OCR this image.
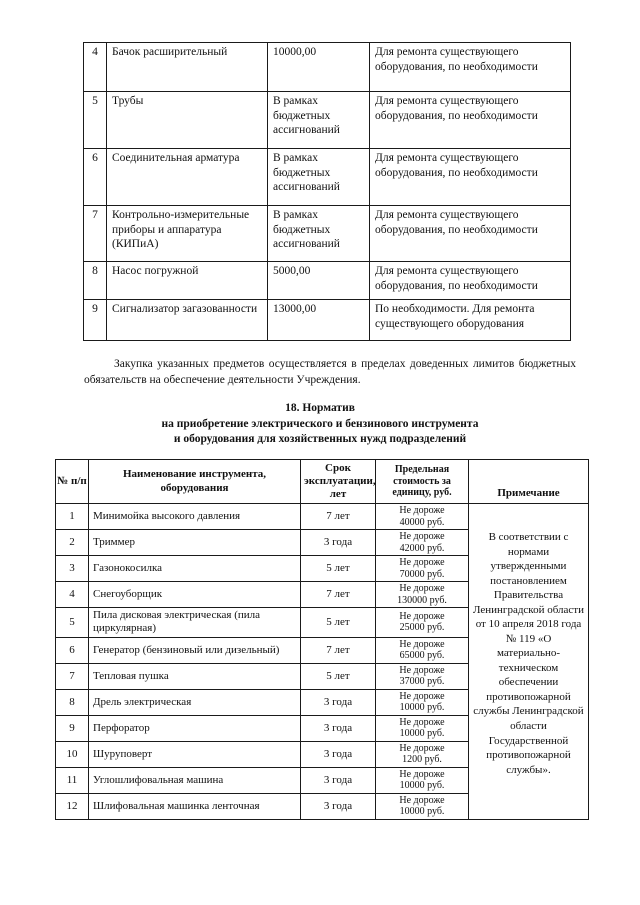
4	Бачок расширительный	10000,00	Для ремонта существующего оборудования, по необходимости
5	Трубы	В рамках бюджетных ассигнований	Для ремонта существующего оборудования, по необходимости
6	Соединительная арматура	В рамках бюджетных ассигнований	Для ремонта существующего оборудования, по необходимости
7	Контрольно-измерительные приборы и аппаратура (КИПиА)	В рамках бюджетных ассигнований	Для ремонта существующего оборудования, по необходимости
8	Насос погружной	5000,00	Для ремонта существующего оборудования, по необходимости
9	Сигнализатор загазованности	13000,00	По необходимости. Для ремонта существующего оборудования

Закупка указанных предметов осуществляется в пределах доведенных лимитов бюджетных обязательств на обеспечение деятельности Учреждения.

18. Норматив
на приобретение электрического и бензинового инструмента
и оборудования для хозяйственных нужд подразделений
№ п/п	Наименование инструмента, оборудования	Срок эксплуатации, лет	Предельная стоимость за единицу, руб.	Примечание
1	Минимойка высокого давления	7 лет	Не дороже 40000 руб.	В соответствии с нормами утвержденными постановлением Правительства Ленинградской области от 10 апреля 2018 года № 119 «О материально-техническом обеспечении противопожарной службы Ленинградской области Государственной противопожарной службы».
2	Триммер	3 года	Не дороже 42000 руб.	
3	Газонокосилка	5 лет	Не дороже 70000 руб.	
4	Снегоуборщик	7 лет	Не дороже 130000 руб.	
5	Пила дисковая электрическая (пила циркулярная)	5 лет	Не дороже 25000 руб.	
6	Генератор (бензиновый или дизельный)	7 лет	Не дороже 65000 руб.	
7	Тепловая пушка	5 лет	Не дороже 37000 руб.	
8	Дрель электрическая	3 года	Не дороже 10000 руб.	
9	Перфоратор	3 года	Не дороже 10000 руб.	
10	Шуруповерт	3 года	Не дороже 1200 руб.	
11	Углошлифовальная машина	3 года	Не дороже 10000 руб.	
12	Шлифовальная машинка ленточная	3 года	Не дороже 10000 руб.	
